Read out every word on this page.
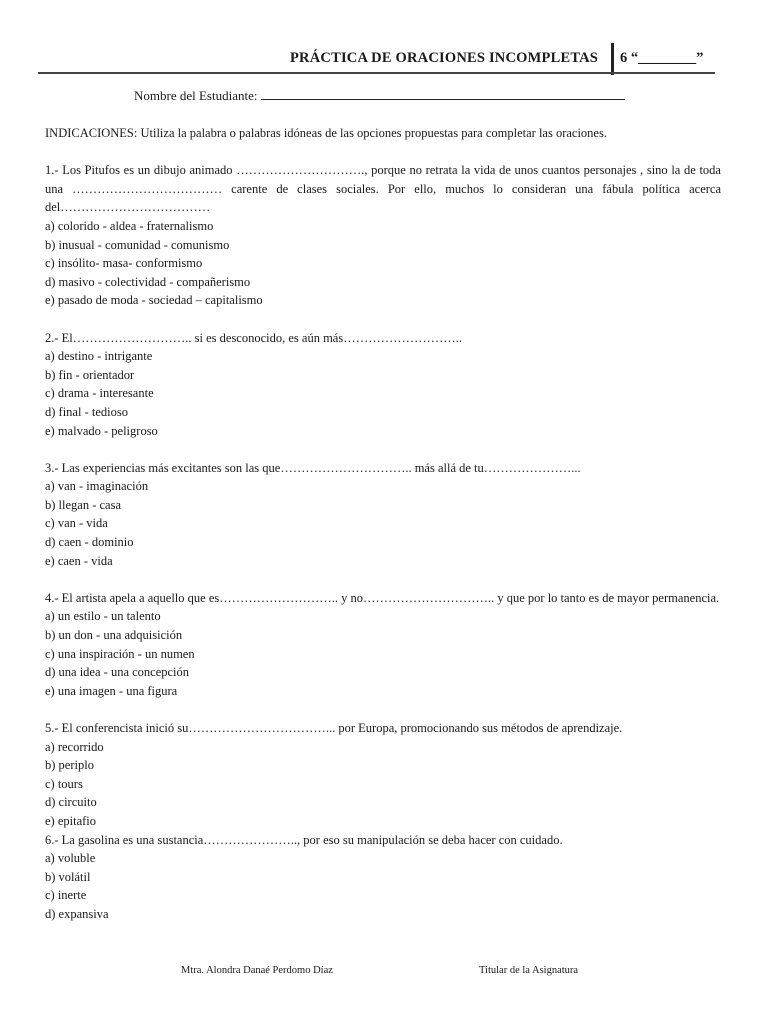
PRÁCTICA DE ORACIONES INCOMPLETAS 6 “________”
Nombre del Estudiante:

INDICACIONES: Utiliza la palabra o palabras idóneas de las opciones propuestas para completar las oraciones.

1.- Los Pitufos es un dibujo animado …………………………., porque no retrata la vida de unos cuantos personajes , sino la de toda una ……………………………… carente de clases sociales. Por ello, muchos lo consideran una fábula política acerca del………………………………

a) colorido - aldea - fraternalismo

b) inusual - comunidad - comunismo

c) insólito- masa- conformismo

d) masivo - colectividad - compañerismo

e) pasado de moda - sociedad – capitalismo

2.- El……………………….. si es desconocido, es aún más………………………..

a) destino - intrigante

b) fin - orientador

c) drama - interesante

d) final - tedioso

e) malvado - peligroso

3.- Las experiencias más excitantes son las que………………………….. más allá de tu…………………...

a) van - imaginación

b) llegan - casa

c) van - vida

d) caen - dominio

e) caen - vida

4.- El artista apela a aquello que es……………………….. y no………………………….. y que por lo tanto es de mayor permanencia.

a) un estilo - un talento

b) un don - una adquisición

c) una inspiración - un numen

d) una idea - una concepción

e) una imagen - una figura

5.- El conferencista inició su……………………………... por Europa, promocionando sus métodos de aprendizaje.

a) recorrido

b) periplo

c) tours

d) circuito

e) epitafio

6.- La gasolina es una sustancia………………….., por eso su manipulación se deba hacer con cuidado.

a) voluble

b) volátil

c) inerte

d) expansiva

Mtra. Alondra Danaé Perdomo Díaz	Titular de la Asignatura
